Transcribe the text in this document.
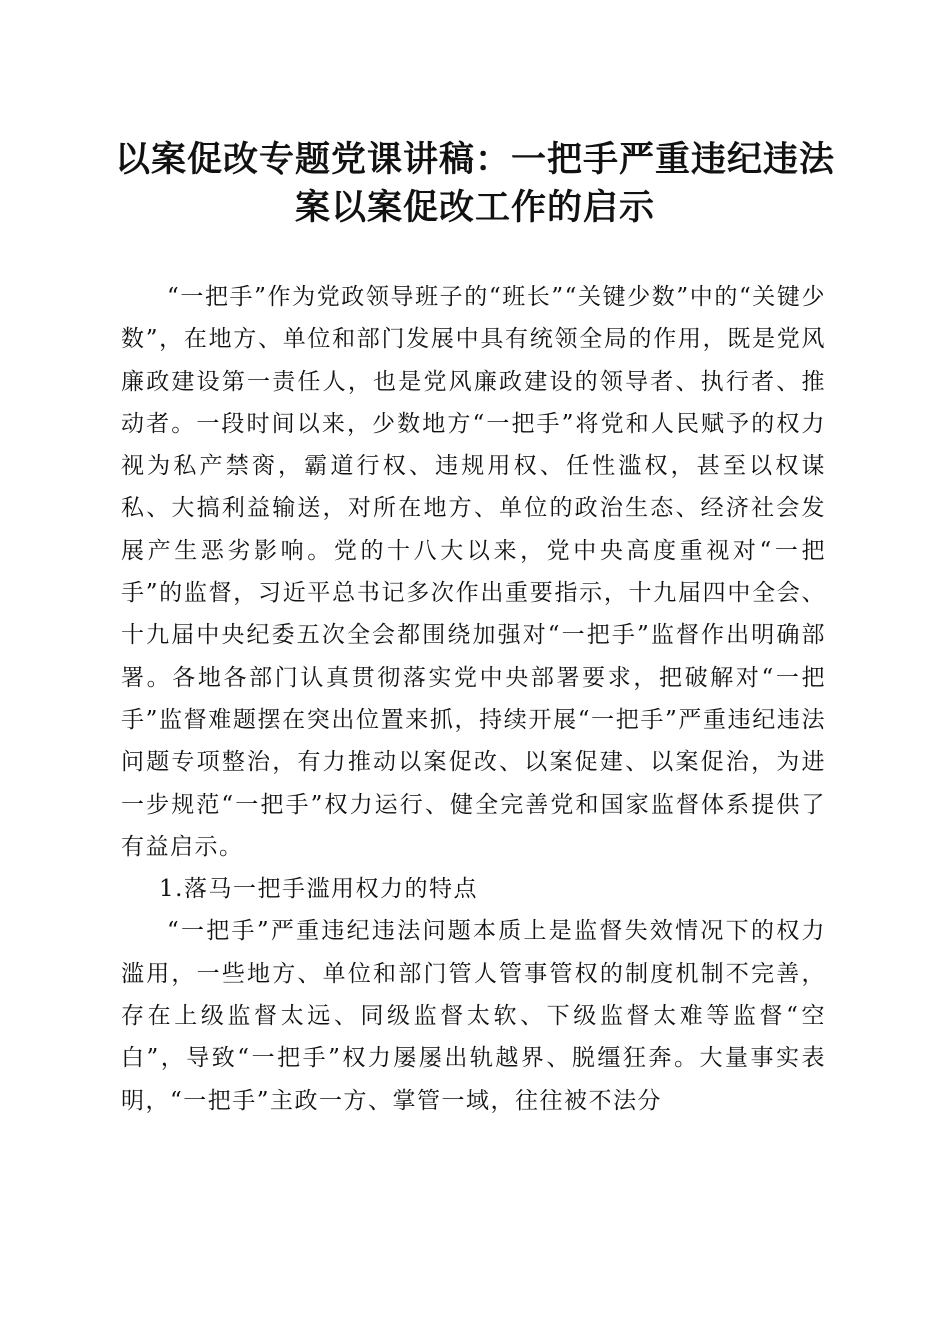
以案促改专题党课讲稿：一把手严重违纪违法
案以案促改工作的启示

“一把手”作为党政领导班子的“班长”“关键少数”中的“关键少数”，在地方、单位和部门发展中具有统领全局的作用，既是党风廉政建设第一责任人，也是党风廉政建设的领导者、执行者、推动者。一段时间以来，少数地方“一把手”将党和人民赋予的权力视为私产禁脔，霸道行权、违规用权、任性滥权，甚至以权谋私、大搞利益输送，对所在地方、单位的政治生态、经济社会发展产生恶劣影响。党的十八大以来，党中央高度重视对“一把手”的监督，习近平总书记多次作出重要指示，十九届四中全会、十九届中央纪委五次全会都围绕加强对“一把手”监督作出明确部署。各地各部门认真贯彻落实党中央部署要求，把破解对“一把手”监督难题摆在突出位置来抓，持续开展“一把手”严重违纪违法问题专项整治，有力推动以案促改、以案促建、以案促治，为进一步规范“一把手”权力运行、健全完善党和国家监督体系提供了有益启示。

1.落马一把手滥用权力的特点

“一把手”严重违纪违法问题本质上是监督失效情况下的权力滥用，一些地方、单位和部门管人管事管权的制度机制不完善，存在上级监督太远、同级监督太软、下级监督太难等监督“空白”，导致“一把手”权力屡屡出轨越界、脱缰狂奔。大量事实表明，“一把手”主政一方、掌管一域，往往被不法分
